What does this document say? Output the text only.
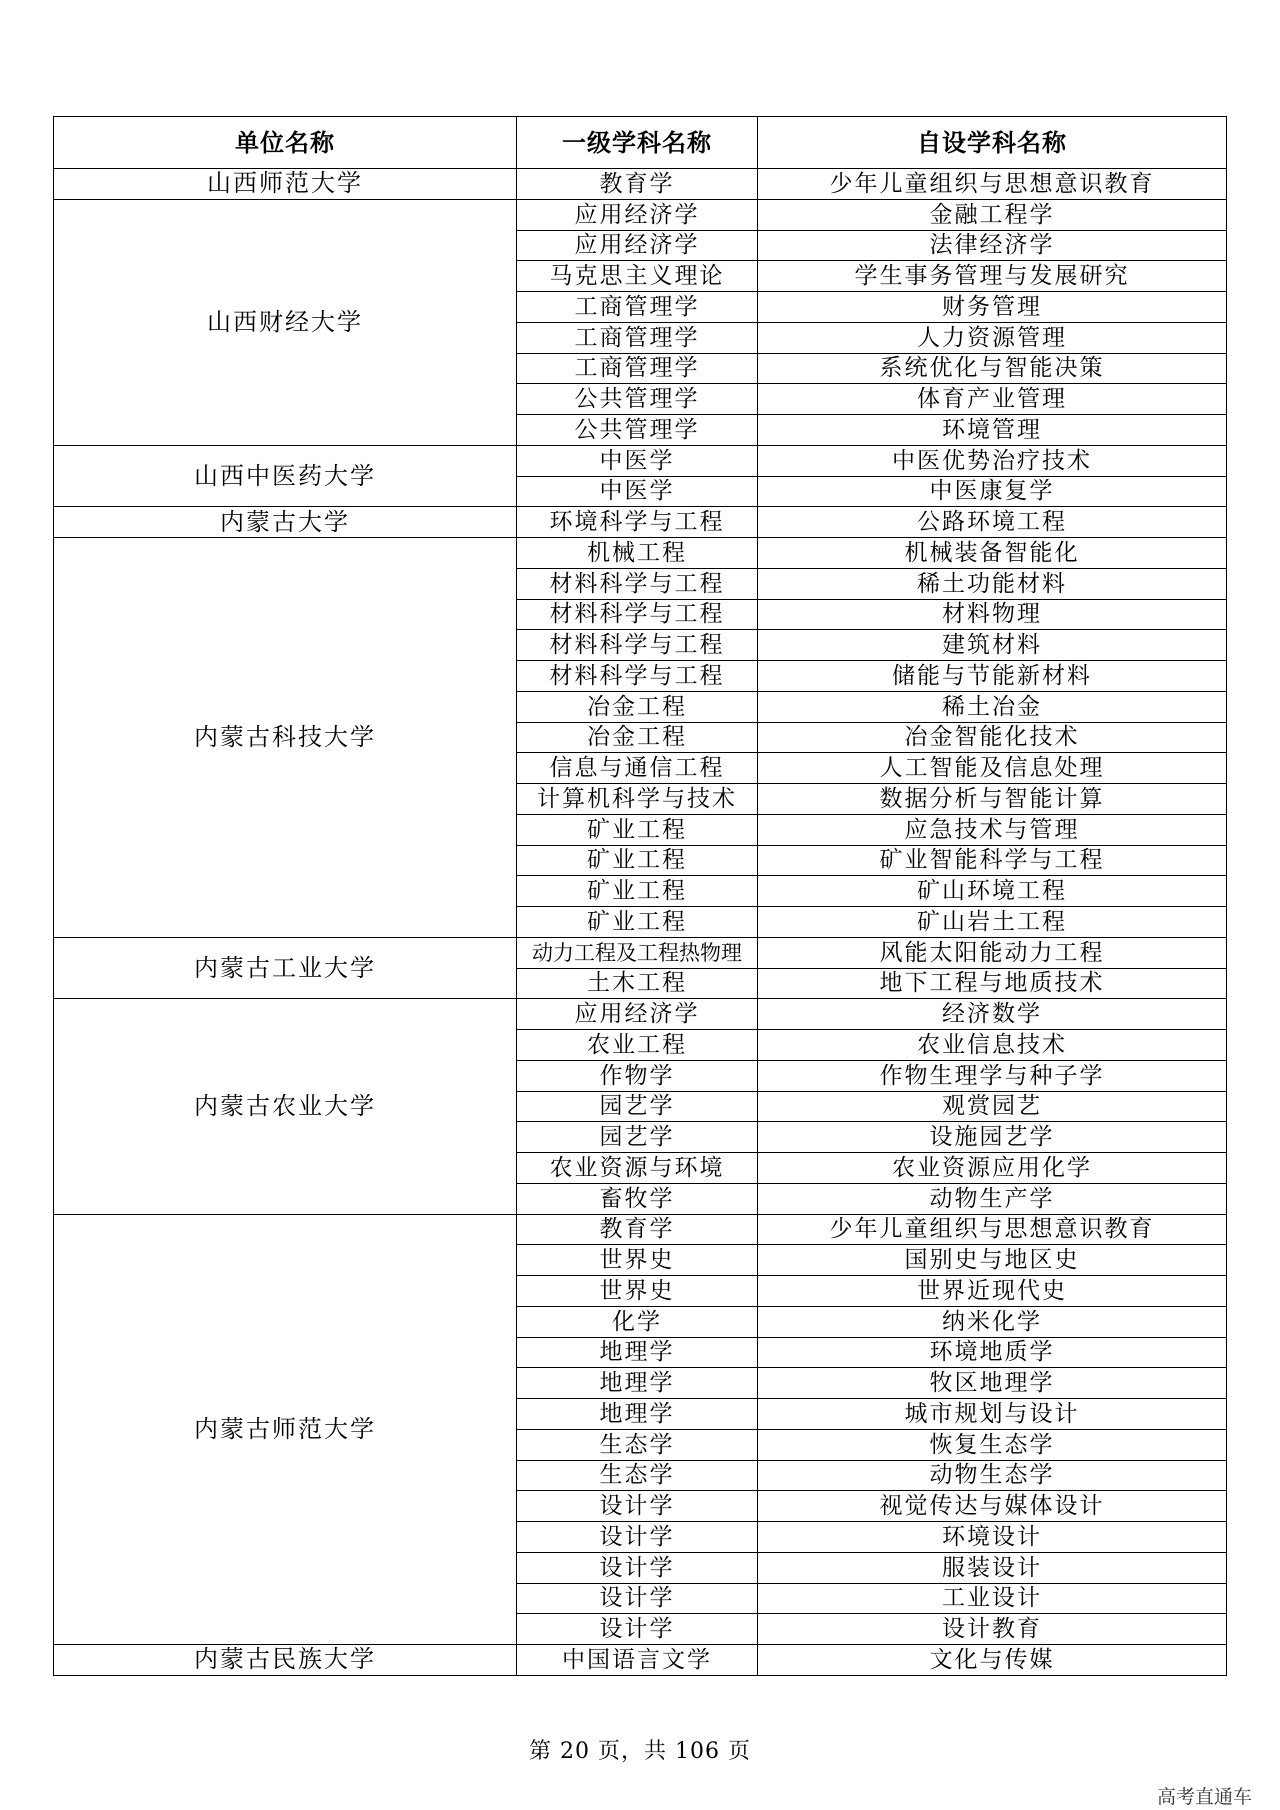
单位名称	一级学科名称	自设学科名称
山西师范大学	教育学	少年儿童组织与思想意识教育
山西财经大学	应用经济学	金融工程学
	应用经济学	法律经济学
	马克思主义理论	学生事务管理与发展研究
	工商管理学	财务管理
	工商管理学	人力资源管理
	工商管理学	系统优化与智能决策
	公共管理学	体育产业管理
	公共管理学	环境管理
山西中医药大学	中医学	中医优势治疗技术
	中医学	中医康复学
内蒙古大学	环境科学与工程	公路环境工程
内蒙古科技大学	机械工程	机械装备智能化
	材料科学与工程	稀土功能材料
	材料科学与工程	材料物理
	材料科学与工程	建筑材料
	材料科学与工程	储能与节能新材料
	冶金工程	稀土冶金
	冶金工程	冶金智能化技术
	信息与通信工程	人工智能及信息处理
	计算机科学与技术	数据分析与智能计算
	矿业工程	应急技术与管理
	矿业工程	矿业智能科学与工程
	矿业工程	矿山环境工程
	矿业工程	矿山岩土工程
内蒙古工业大学	动力工程及工程热物理	风能太阳能动力工程
	土木工程	地下工程与地质技术
内蒙古农业大学	应用经济学	经济数学
	农业工程	农业信息技术
	作物学	作物生理学与种子学
	园艺学	观赏园艺
	园艺学	设施园艺学
	农业资源与环境	农业资源应用化学
	畜牧学	动物生产学
内蒙古师范大学	教育学	少年儿童组织与思想意识教育
	世界史	国别史与地区史
	世界史	世界近现代史
	化学	纳米化学
	地理学	环境地质学
	地理学	牧区地理学
	地理学	城市规划与设计
	生态学	恢复生态学
	生态学	动物生态学
	设计学	视觉传达与媒体设计
	设计学	环境设计
	设计学	服装设计
	设计学	工业设计
	设计学	设计教育
内蒙古民族大学	中国语言文学	文化与传媒
第 20 页，共 106 页
高考直通车
